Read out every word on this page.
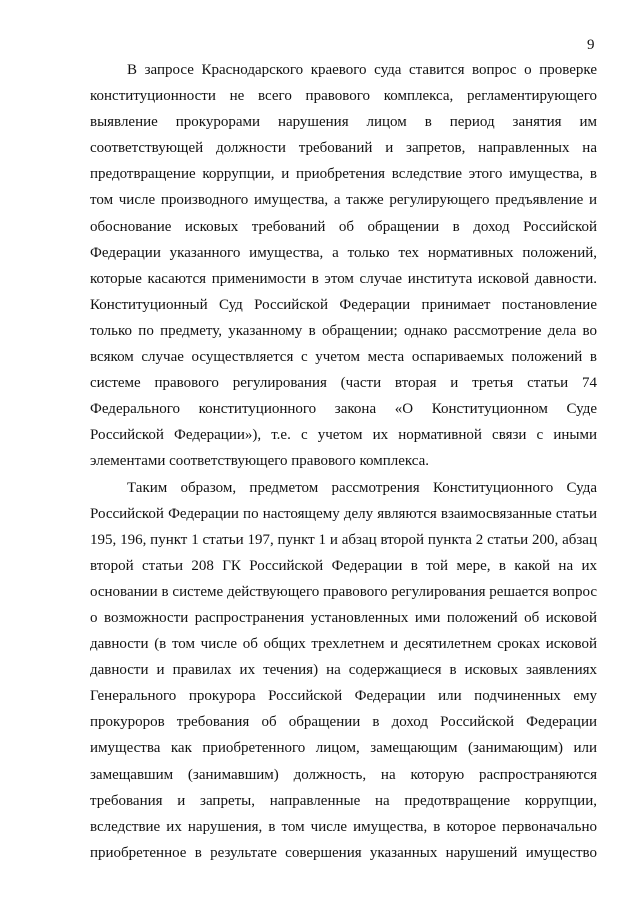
9
В запросе Краснодарского краевого суда ставится вопрос о проверке
конституционности не всего правового комплекса, регламентирующего
выявление прокурорами нарушения лицом в период занятия им
соответствующей должности требований и запретов, направленных на
предотвращение коррупции, и приобретения вследствие этого имущества, в
том числе производного имущества, а также регулирующего предъявление и
обоснование исковых требований об обращении в доход Российской
Федерации указанного имущества, а только тех нормативных положений,
которые касаются применимости в этом случае института исковой давности.
Конституционный Суд Российской Федерации принимает постановление
только по предмету, указанному в обращении; однако рассмотрение дела во
всяком случае осуществляется с учетом места оспариваемых положений в
системе правового регулирования (части вторая и третья статьи 74
Федерального конституционного закона «О Конституционном Суде
Российской Федерации»), т.е. с учетом их нормативной связи с иными
элементами соответствующего правового комплекса.
Таким образом, предметом рассмотрения Конституционного Суда
Российской Федерации по настоящему делу являются взаимосвязанные статьи
195, 196, пункт 1 статьи 197, пункт 1 и абзац второй пункта 2 статьи 200, абзац
второй статьи 208 ГК Российской Федерации в той мере, в какой на их
основании в системе действующего правового регулирования решается вопрос
о возможности распространения установленных ими положений об исковой
давности (в том числе об общих трехлетнем и десятилетнем сроках исковой
давности и правилах их течения) на содержащиеся в исковых заявлениях
Генерального прокурора Российской Федерации или подчиненных ему
прокуроров требования об обращении в доход Российской Федерации
имущества как приобретенного лицом, замещающим (занимающим) или
замещавшим (занимавшим) должность, на которую распространяются
требования и запреты, направленные на предотвращение коррупции,
вследствие их нарушения, в том числе имущества, в которое первоначально
приобретенное в результате совершения указанных нарушений имущество
